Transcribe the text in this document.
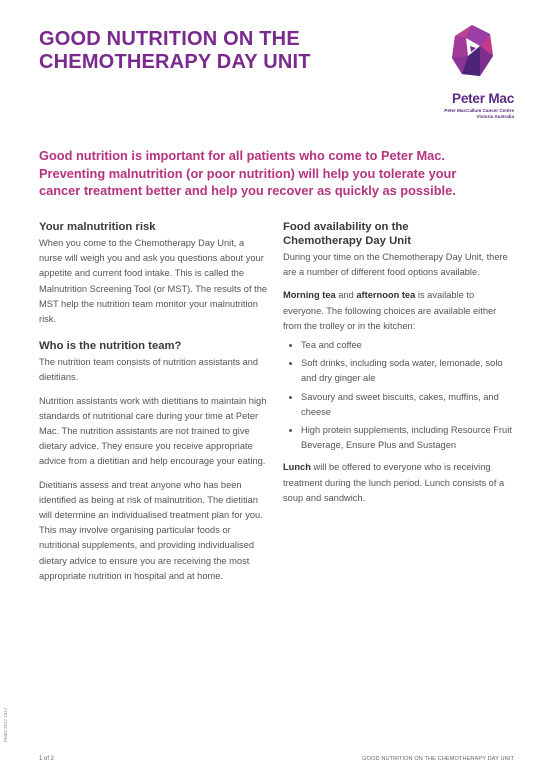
GOOD NUTRITION ON THE
CHEMOTHERAPY DAY UNIT
Peter Mac
Peter MacCallum Cancer Centre
Victoria Australia

Good nutrition is important for all patients who come to Peter Mac.
Preventing malnutrition (or poor nutrition) will help you tolerate your
cancer treatment better and help you recover as quickly as possible.

Your malnutrition risk

When you come to the Chemotherapy Day Unit, a nurse will weigh you and ask you questions about your appetite and current food intake. This is called the Malnutrition Screening Tool (or MST). The results of the MST help the nutrition team monitor your malnutrition risk.

Who is the nutrition team?

The nutrition team consists of nutrition assistants and dietitians.

Nutrition assistants work with dietitians to maintain high standards of nutritional care during your time at Peter Mac. The nutrition assistants are not trained to give dietary advice. They ensure you receive appropriate advice from a dietitian and help encourage your eating.

Dietitians assess and treat anyone who has been identified as being at risk of malnutrition. The dietitian will determine an individualised treatment plan for you. This may involve organising particular foods or nutritional supplements, and providing individualised dietary advice to ensure you are receiving the most appropriate nutrition in hospital and at home.

Food availability on the
Chemotherapy Day Unit

During your time on the Chemotherapy Day Unit, there are a number of different food options available.

Morning tea and afternoon tea is available to everyone. The following choices are available either from the trolley or in the kitchen:

Tea and coffee
Soft drinks, including soda water, lemonade, solo and dry ginger ale
Savoury and sweet biscuits, cakes, muffins, and cheese
High protein supplements, including Resource Fruit Beverage, Ensure Plus and Sustagen

Lunch will be offered to everyone who is receiving treatment during the lunch period. Lunch consists of a soup and sandwich.

PM52 2017 1017
1 of 2	GOOD NUTRITION ON THE CHEMOTHERAPY DAY UNIT
